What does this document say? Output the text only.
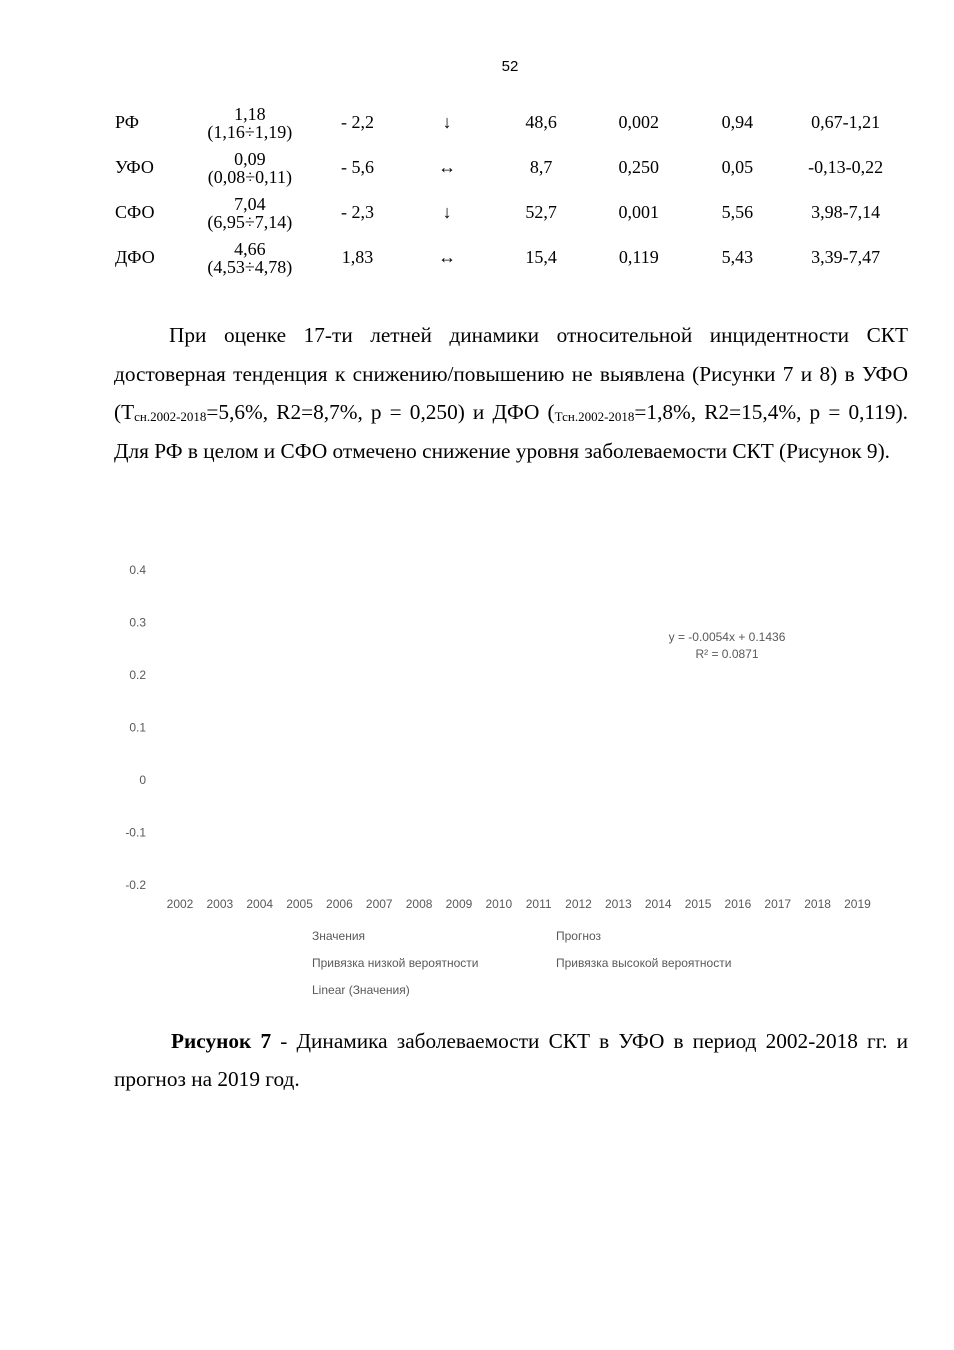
52
РФ	1,18
(1,16÷1,19)	- 2,2	↓	48,6	0,002	0,94	0,67-1,21
УФО	0,09
(0,08÷0,11)	- 5,6	↔	8,7	0,250	0,05	-0,13-0,22
СФО	7,04
(6,95÷7,14)	- 2,3	↓	52,7	0,001	5,56	3,98-7,14
ДФО	4,66
(4,53÷4,78)	1,83	↔	15,4	0,119	5,43	3,39-7,47
При оценке 17-ти летней динамики относительной инцидентности СКТ достоверная тенденция к снижению/повышению не выявлена (Рисунки 7 и 8) в УФО ($Т_{сн.2002-2018}=5,6\%$, R2=8,7%, p = 0,250) и ДФО ($_{Тсн.2002-2018}=1,8\%$, R2=15,4%, p = 0,119). Для РФ в целом и СФО отмечено снижение уровня заболеваемости СКТ (Рисунок 9).
0.4
0.3
0.2
0.1
0
-0.1
-0.2
2002 2003 2004 2005 2006 2007 2008 2009 2010 2011 2012 2013 2014 2015 2016 2017 2018 2019
y = -0.0054x + 0.1436
R² = 0.0871
Значения	Прогноз
Привязка низкой вероятности	Привязка высокой вероятности
Linear (Значения)
Рисунок 7 - Динамика заболеваемости СКТ в УФО в период 2002-2018 гг. и прогноз на 2019 год.
